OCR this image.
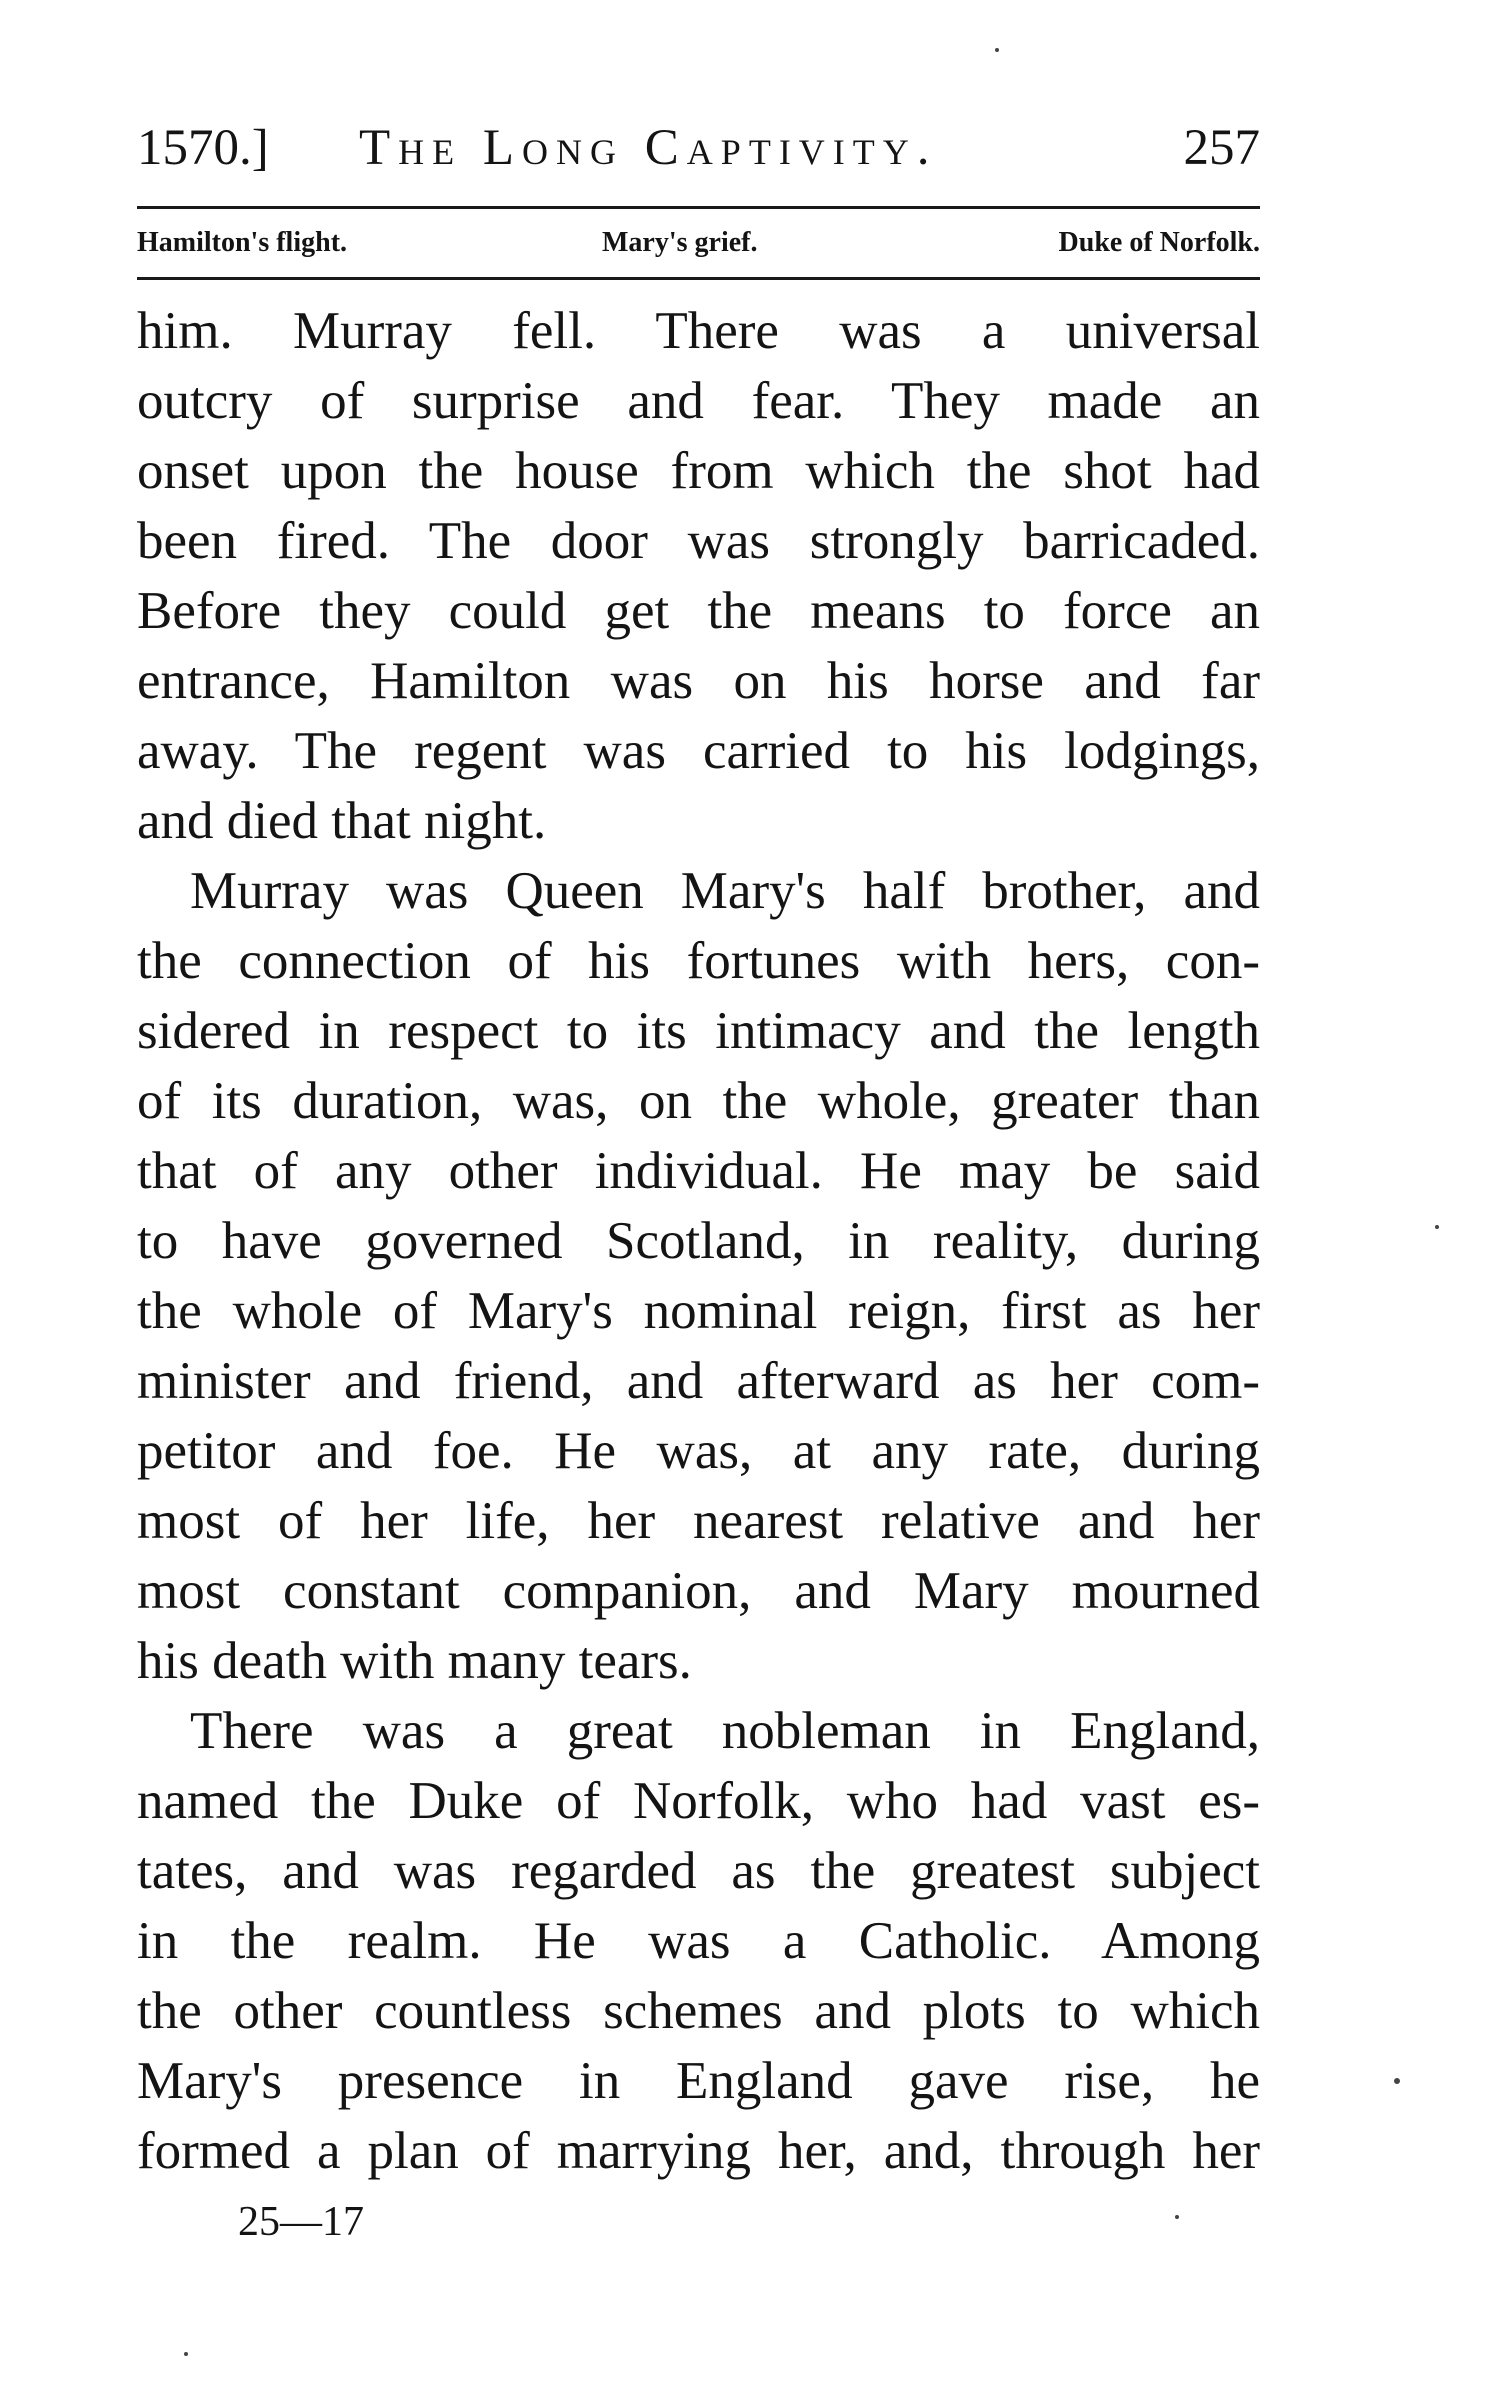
1570.] The Long Captivity.	257
Hamilton's flight.	Mary's grief.	Duke of Norfolk.
him. Murray fell. There was a universal
outcry of surprise and fear. They made an
onset upon the house from which the shot had
been fired. The door was strongly barricaded.
Before they could get the means to force an
entrance, Hamilton was on his horse and far
away. The regent was carried to his lodgings,
and died that night.
Murray was Queen Mary's half brother, and
the connection of his fortunes with hers, con-
sidered in respect to its intimacy and the length
of its duration, was, on the whole, greater than
that of any other individual. He may be said
to have governed Scotland, in reality, during
the whole of Mary's nominal reign, first as her
minister and friend, and afterward as her com-
petitor and foe. He was, at any rate, during
most of her life, her nearest relative and her
most constant companion, and Mary mourned
his death with many tears.
There was a great nobleman in England,
named the Duke of Norfolk, who had vast es-
tates, and was regarded as the greatest subject
in the realm. He was a Catholic. Among
the other countless schemes and plots to which
Mary's presence in England gave rise, he
formed a plan of marrying her, and, through her
25—17
